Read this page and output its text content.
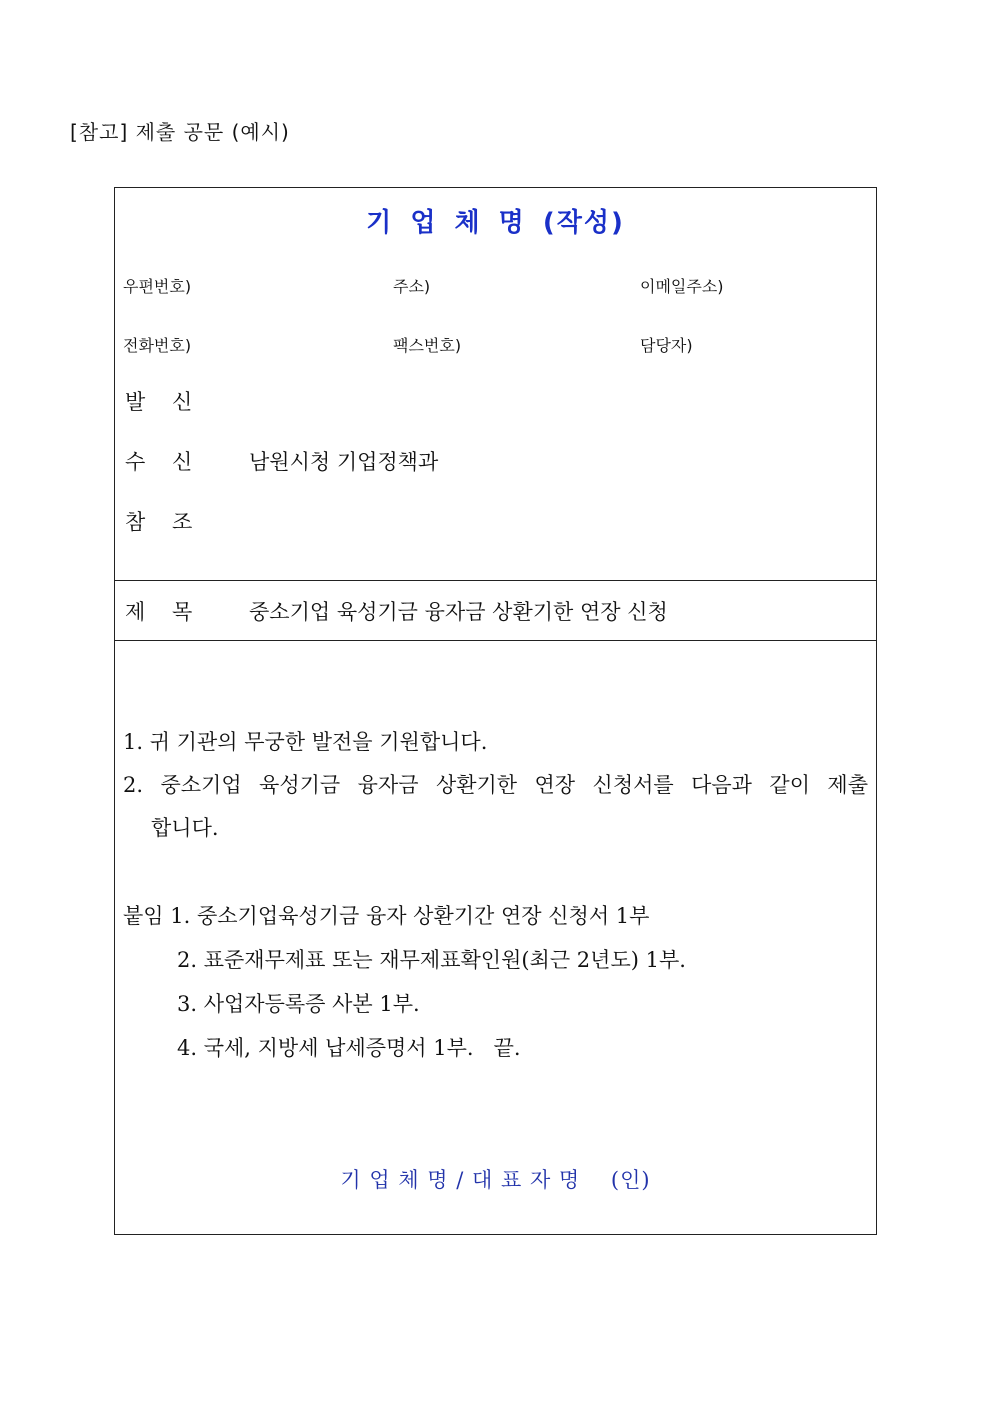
[참고] 제출 공문 (예시)
기 업 체 명 (작성)
우편번호)	주소)	이메일주소)
전화번호)	팩스번호)	담당자)
발    신
수    신	남원시청 기업정책과
참    조
제    목	중소기업 육성기금 융자금 상환기한 연장 신청
1. 귀 기관의 무궁한 발전을 기원합니다.
2. 중소기업 육성기금 융자금 상환기한 연장 신청서를 다음과 같이 제출
합니다.
붙임 1. 중소기업육성기금 융자 상환기간 연장 신청서 1부
2. 표준재무제표 또는 재무제표확인원(최근 2년도) 1부.
3. 사업자등록증 사본 1부.
4. 국세, 지방세 납세증명서 1부.   끝.
기 업 체 명 / 대 표 자 명    (인)
